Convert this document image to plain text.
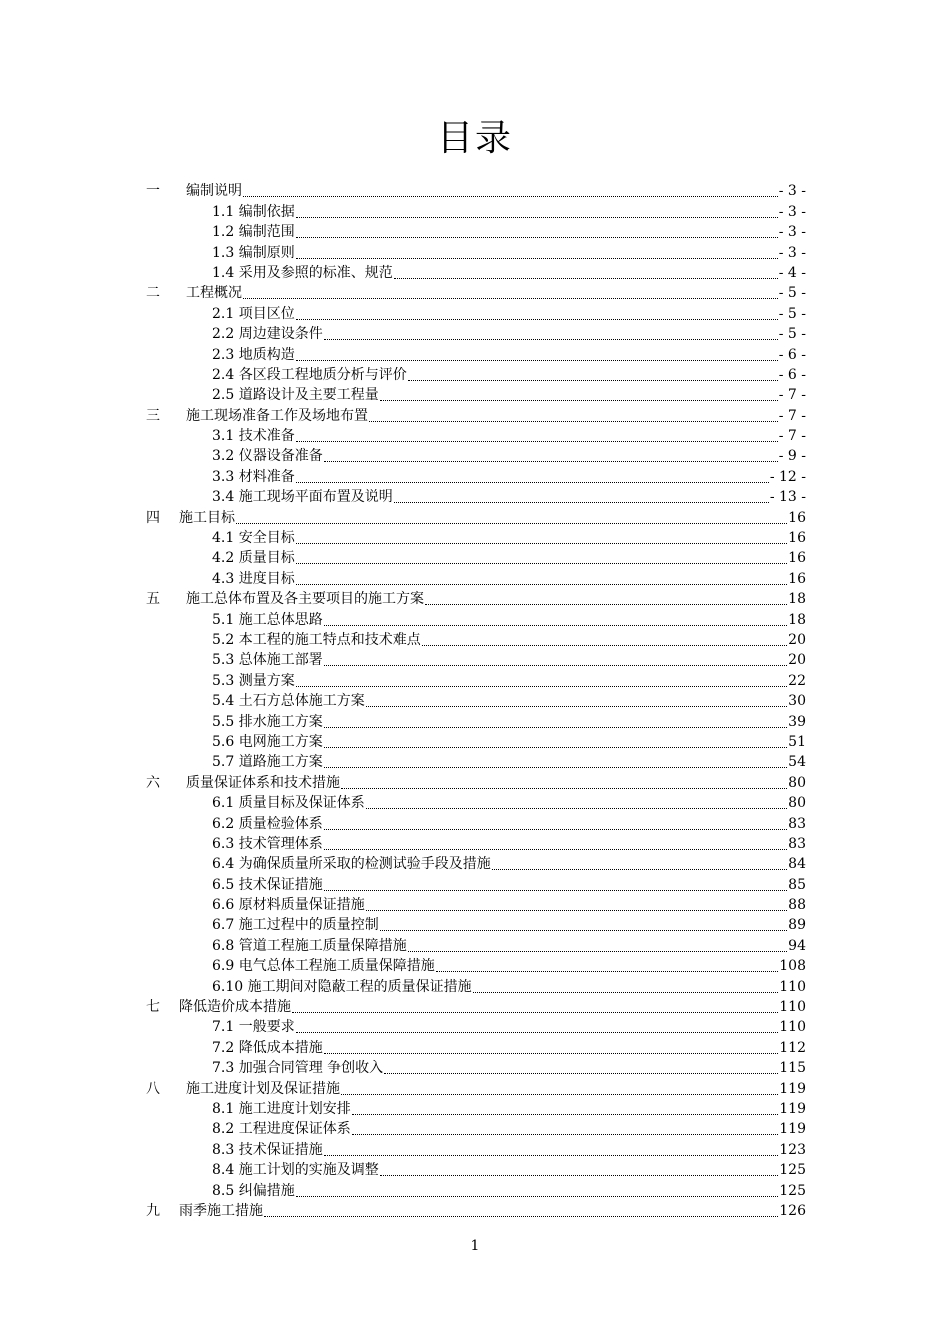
目录
一	编制说明	- 3 -
1.1 编制依据	- 3 -
1.2 编制范围	- 3 -
1.3 编制原则	- 3 -
1.4 采用及参照的标准、规范	- 4 -
二	工程概况	- 5 -
2.1 项目区位	- 5 -
2.2 周边建设条件	- 5 -
2.3 地质构造	- 6 -
2.4 各区段工程地质分析与评价	- 6 -
2.5 道路设计及主要工程量	- 7 -
三	施工现场准备工作及场地布置	- 7 -
3.1 技术准备	- 7 -
3.2 仪器设备准备	- 9 -
3.3 材料准备	- 12 -
3.4 施工现场平面布置及说明	- 13 -
四	施工目标	16
4.1 安全目标	16
4.2 质量目标	16
4.3 进度目标	16
五	施工总体布置及各主要项目的施工方案	18
5.1 施工总体思路	18
5.2 本工程的施工特点和技术难点	20
5.3 总体施工部署	20
5.3 测量方案	22
5.4 土石方总体施工方案	30
5.5 排水施工方案	39
5.6 电网施工方案	51
5.7 道路施工方案	54
六	质量保证体系和技术措施	80
6.1 质量目标及保证体系	80
6.2 质量检验体系	83
6.3 技术管理体系	83
6.4 为确保质量所采取的检测试验手段及措施	84
6.5 技术保证措施	85
6.6 原材料质量保证措施	88
6.7 施工过程中的质量控制	89
6.8 管道工程施工质量保障措施	94
6.9 电气总体工程施工质量保障措施	108
6.10 施工期间对隐蔽工程的质量保证措施	110
七	降低造价成本措施	110
7.1 一般要求	110
7.2 降低成本措施	112
7.3 加强合同管理 争创收入	115
八	施工进度计划及保证措施	119
8.1 施工进度计划安排	119
8.2 工程进度保证体系	119
8.3 技术保证措施	123
8.4 施工计划的实施及调整	125
8.5 纠偏措施	125
九	雨季施工措施	126
1
